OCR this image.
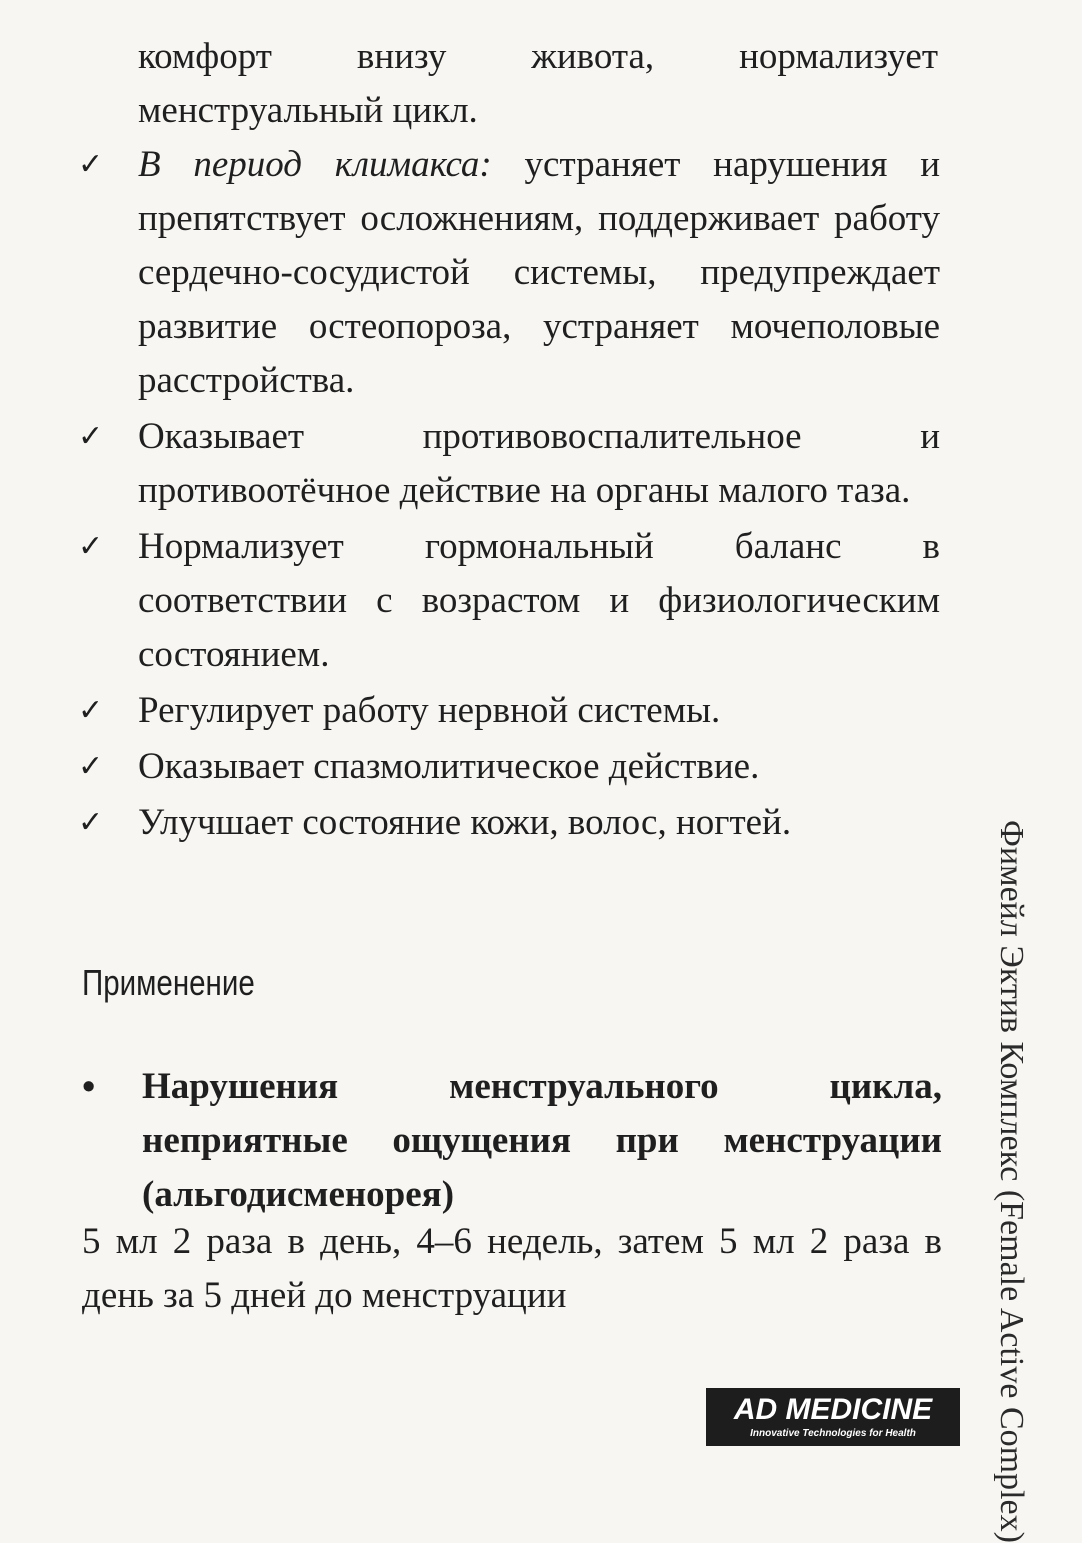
комфорт внизу живота, нормализует менструальный цикл.
✓ В период климакса: устраняет нарушения и препятствует осложнениям, поддерживает работу сердечно-сосудистой системы, предупреждает развитие остеопороза, устраняет мочеполовые расстройства.
✓ Оказывает противовоспалительное и противоотёчное действие на органы малого таза.
✓ Нормализует гормональный баланс в соответствии с возрастом и физиологическим состоянием.
✓ Регулирует работу нервной системы.
✓ Оказывает спазмолитическое действие.
✓ Улучшает состояние кожи, волос, ногтей.
Применение
•	Нарушения менструального цикла, неприятные ощущения при менструации (альгодисменорея)
5 мл 2 раза в день, 4–6 недель, затем 5 мл 2 раза в день за 5 дней до менструации	Фимейл Эктив Комплекс (Female Active Complex)
AD MEDICINE
Innovative Technologies for Health
